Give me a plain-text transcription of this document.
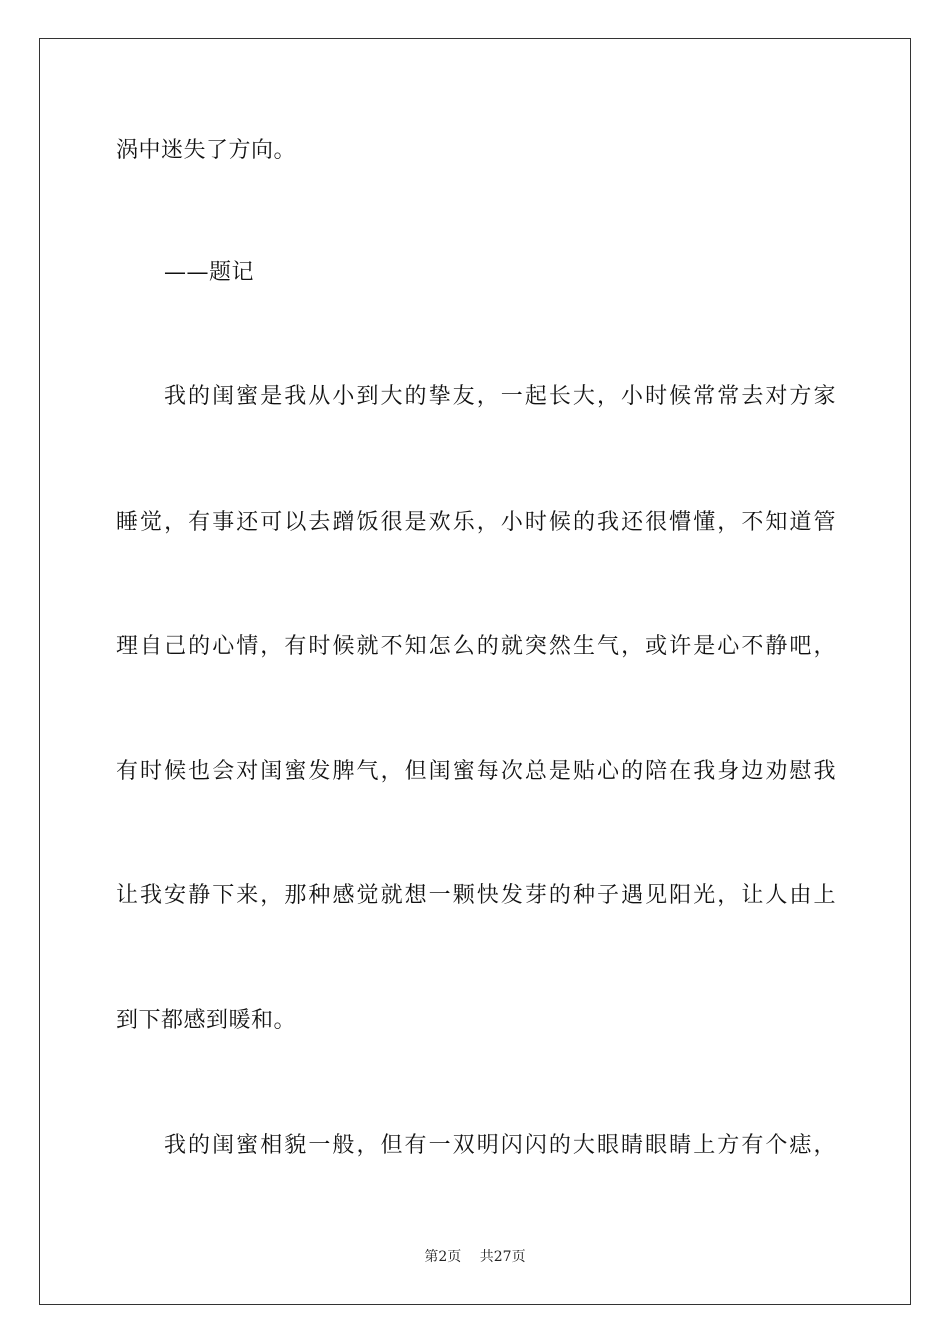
涡中迷失了方向。
——题记
我的闺蜜是我从小到大的挚友，一起长大，小时候常常去对方家
睡觉，有事还可以去蹭饭很是欢乐，小时候的我还很懵懂，不知道管
理自己的心情，有时候就不知怎么的就突然生气，或许是心不静吧，
有时候也会对闺蜜发脾气，但闺蜜每次总是贴心的陪在我身边劝慰我
让我安静下来，那种感觉就想一颗快发芽的种子遇见阳光，让人由上
到下都感到暖和。
我的闺蜜相貌一般，但有一双明闪闪的大眼睛眼睛上方有个痣，
第2页 共27页
